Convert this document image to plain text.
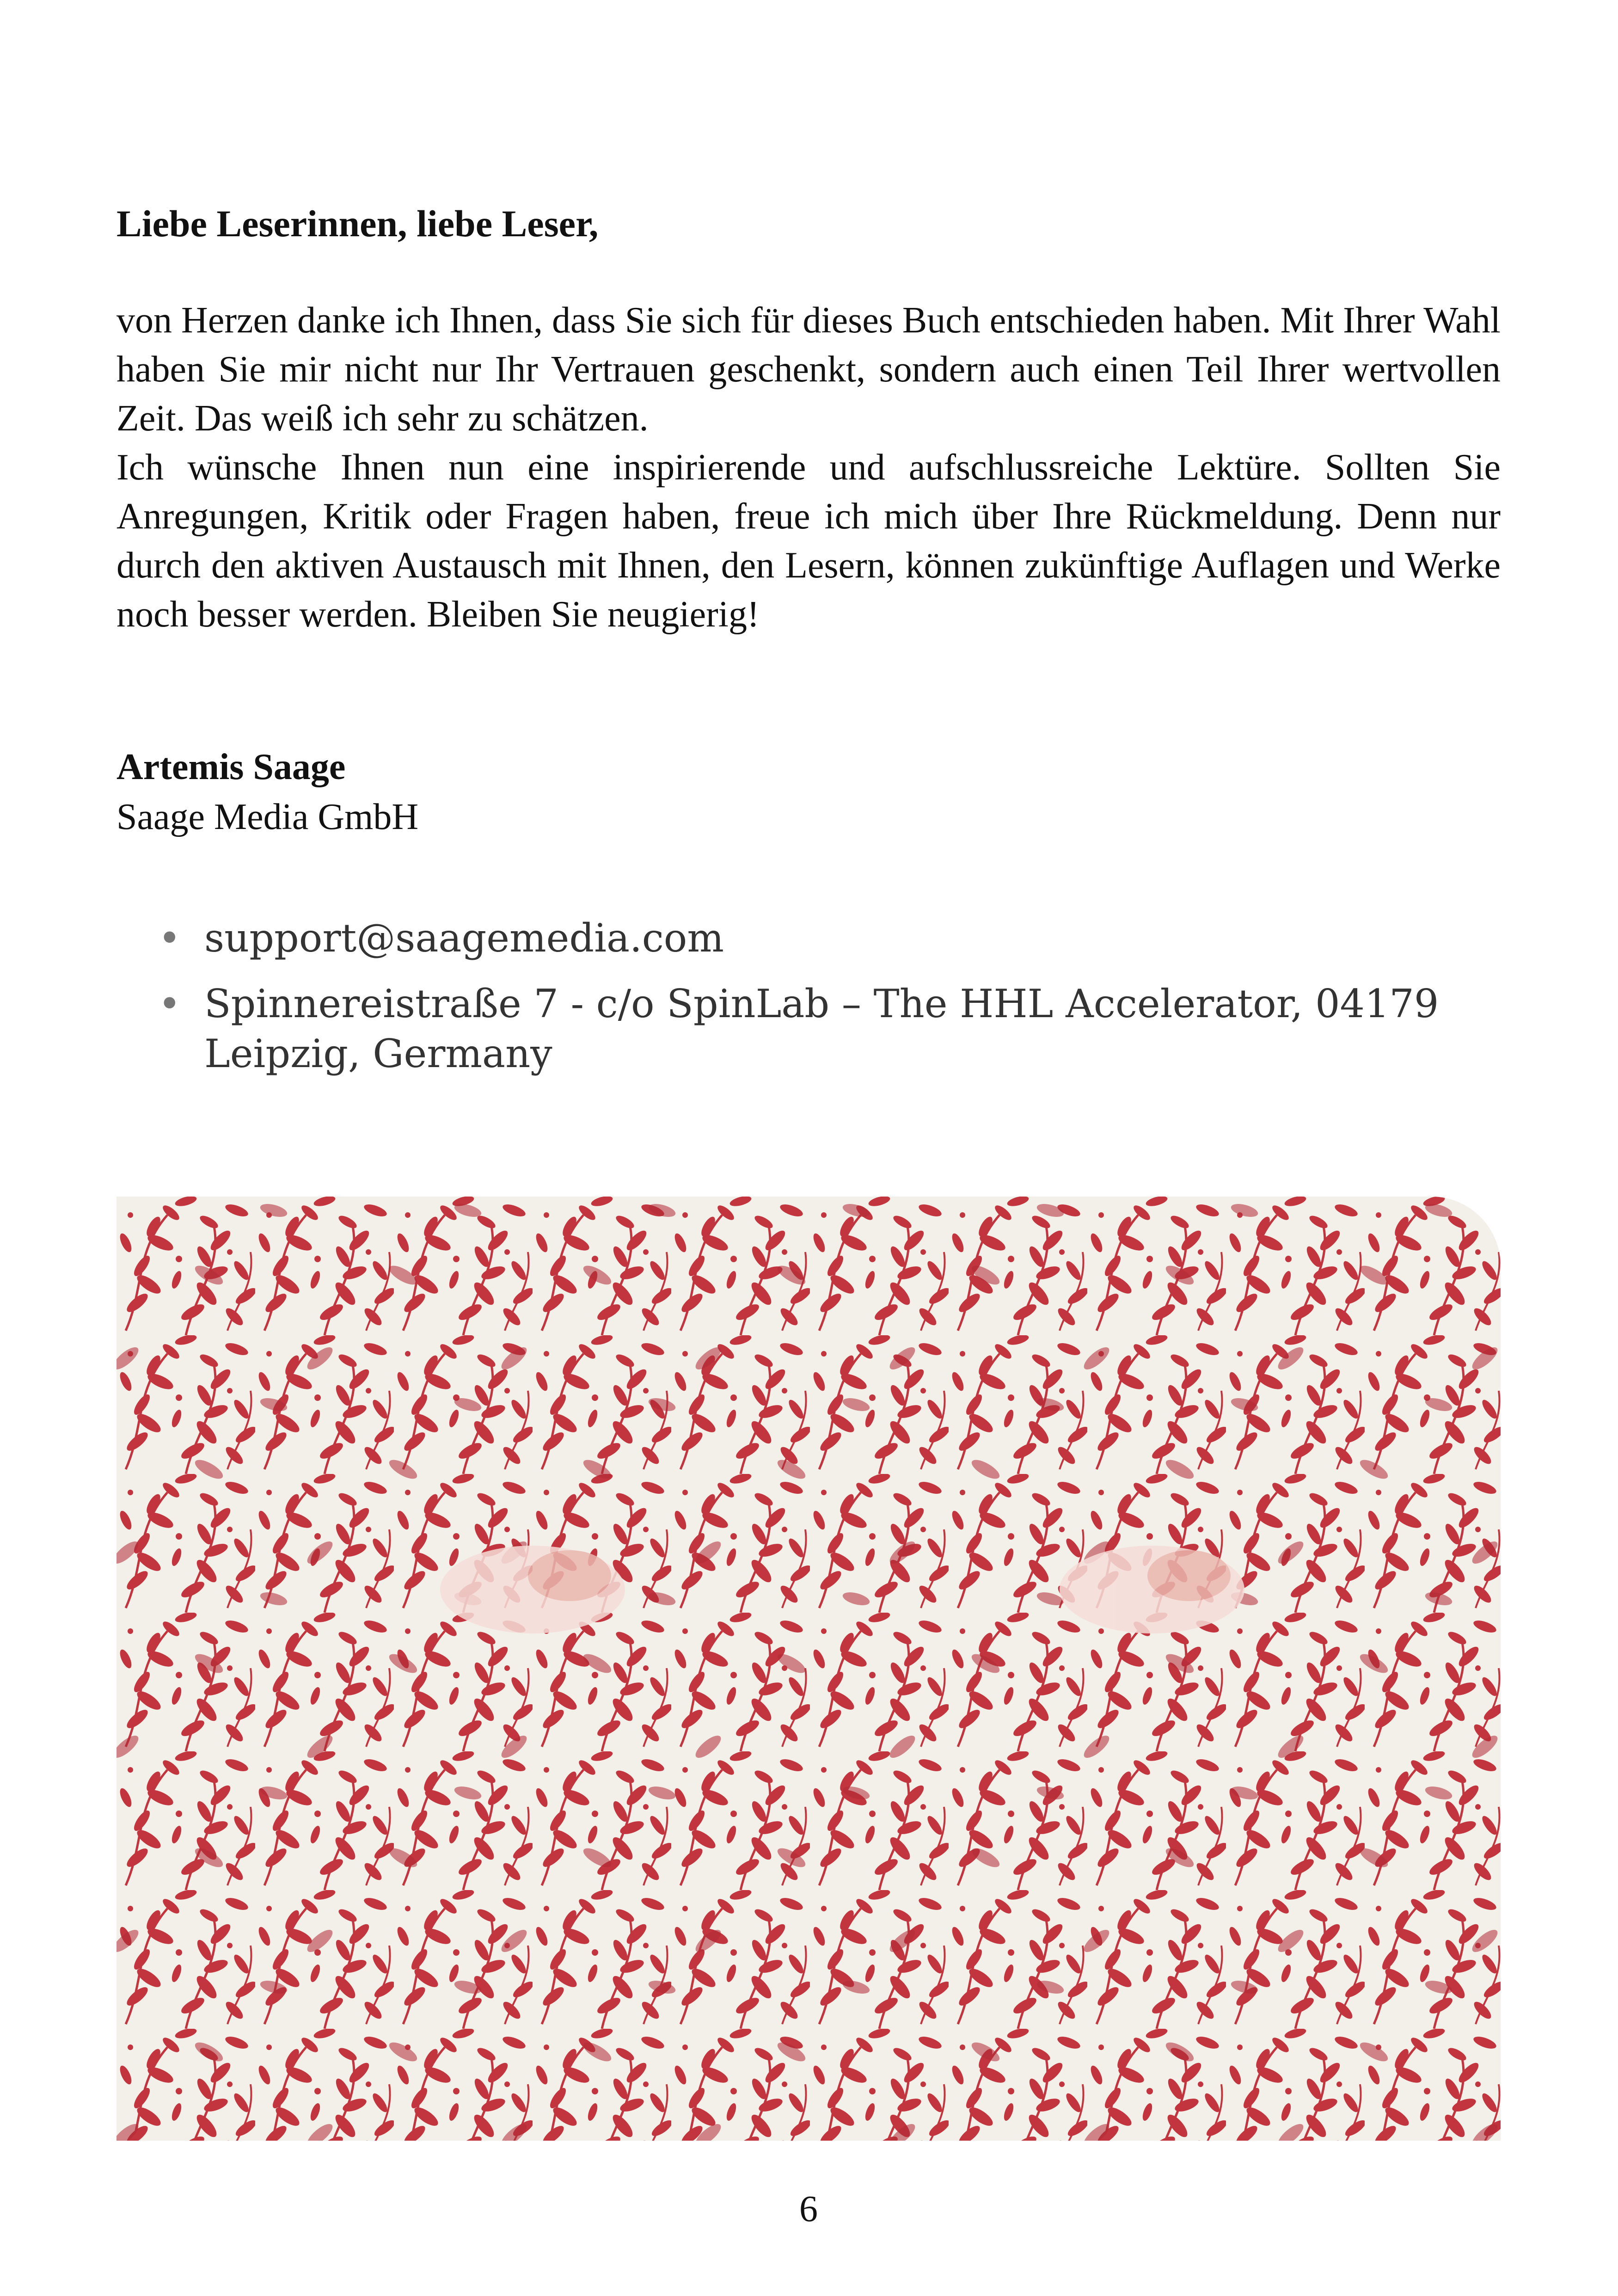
Liebe Leserinnen, liebe Leser,

von Herzen danke ich Ihnen, dass Sie sich für dieses Buch entschieden haben. Mit Ihrer Wahl haben Sie mir nicht nur Ihr Vertrauen geschenkt, sondern auch einen Teil Ihrer wertvollen Zeit. Das weiß ich sehr zu schätzen.

Ich wünsche Ihnen nun eine inspirierende und aufschlussreiche Lektüre. Sollten Sie Anregungen, Kritik oder Fragen haben, freue ich mich über Ihre Rückmeldung. Denn nur durch den aktiven Austausch mit Ihnen, den Lesern, können zukünftige Auflagen und Werke noch besser werden. Bleiben Sie neugierig!

Artemis Saage
Saage Media GmbH
• support@saagemedia.com
• Spinnereistraße 7 - c/o SpinLab – The HHL Accelerator, 04179 Leipzig, Germany
6
